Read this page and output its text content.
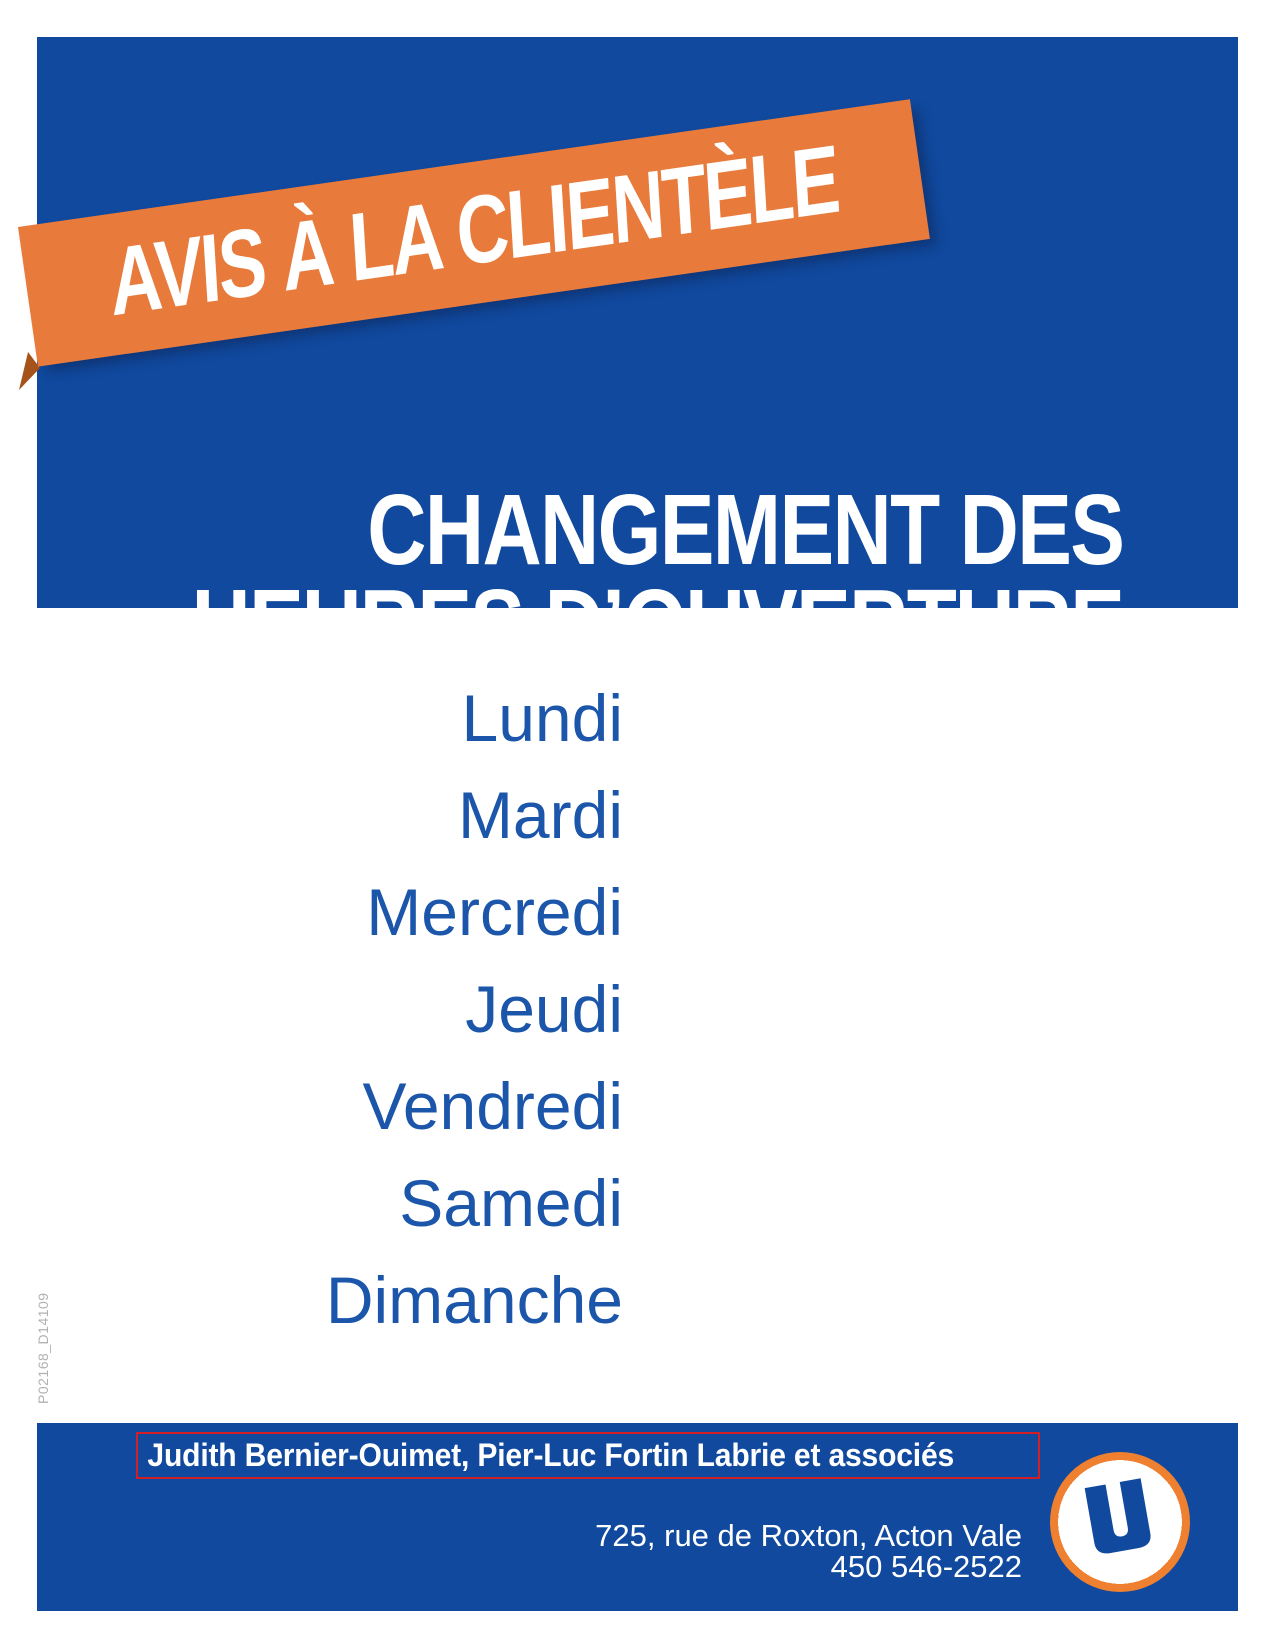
CHANGEMENT DES
HEURES D’OUVERTURE
AVIS À LA CLIENTÈLE
Lundi
Mardi
Mercredi
Jeudi
Vendredi
Samedi
Dimanche
P02168_D14109
Judith Bernier-Ouimet, Pier-Luc Fortin Labrie et associés
725, rue de Roxton, Acton Vale
450 546-2522
